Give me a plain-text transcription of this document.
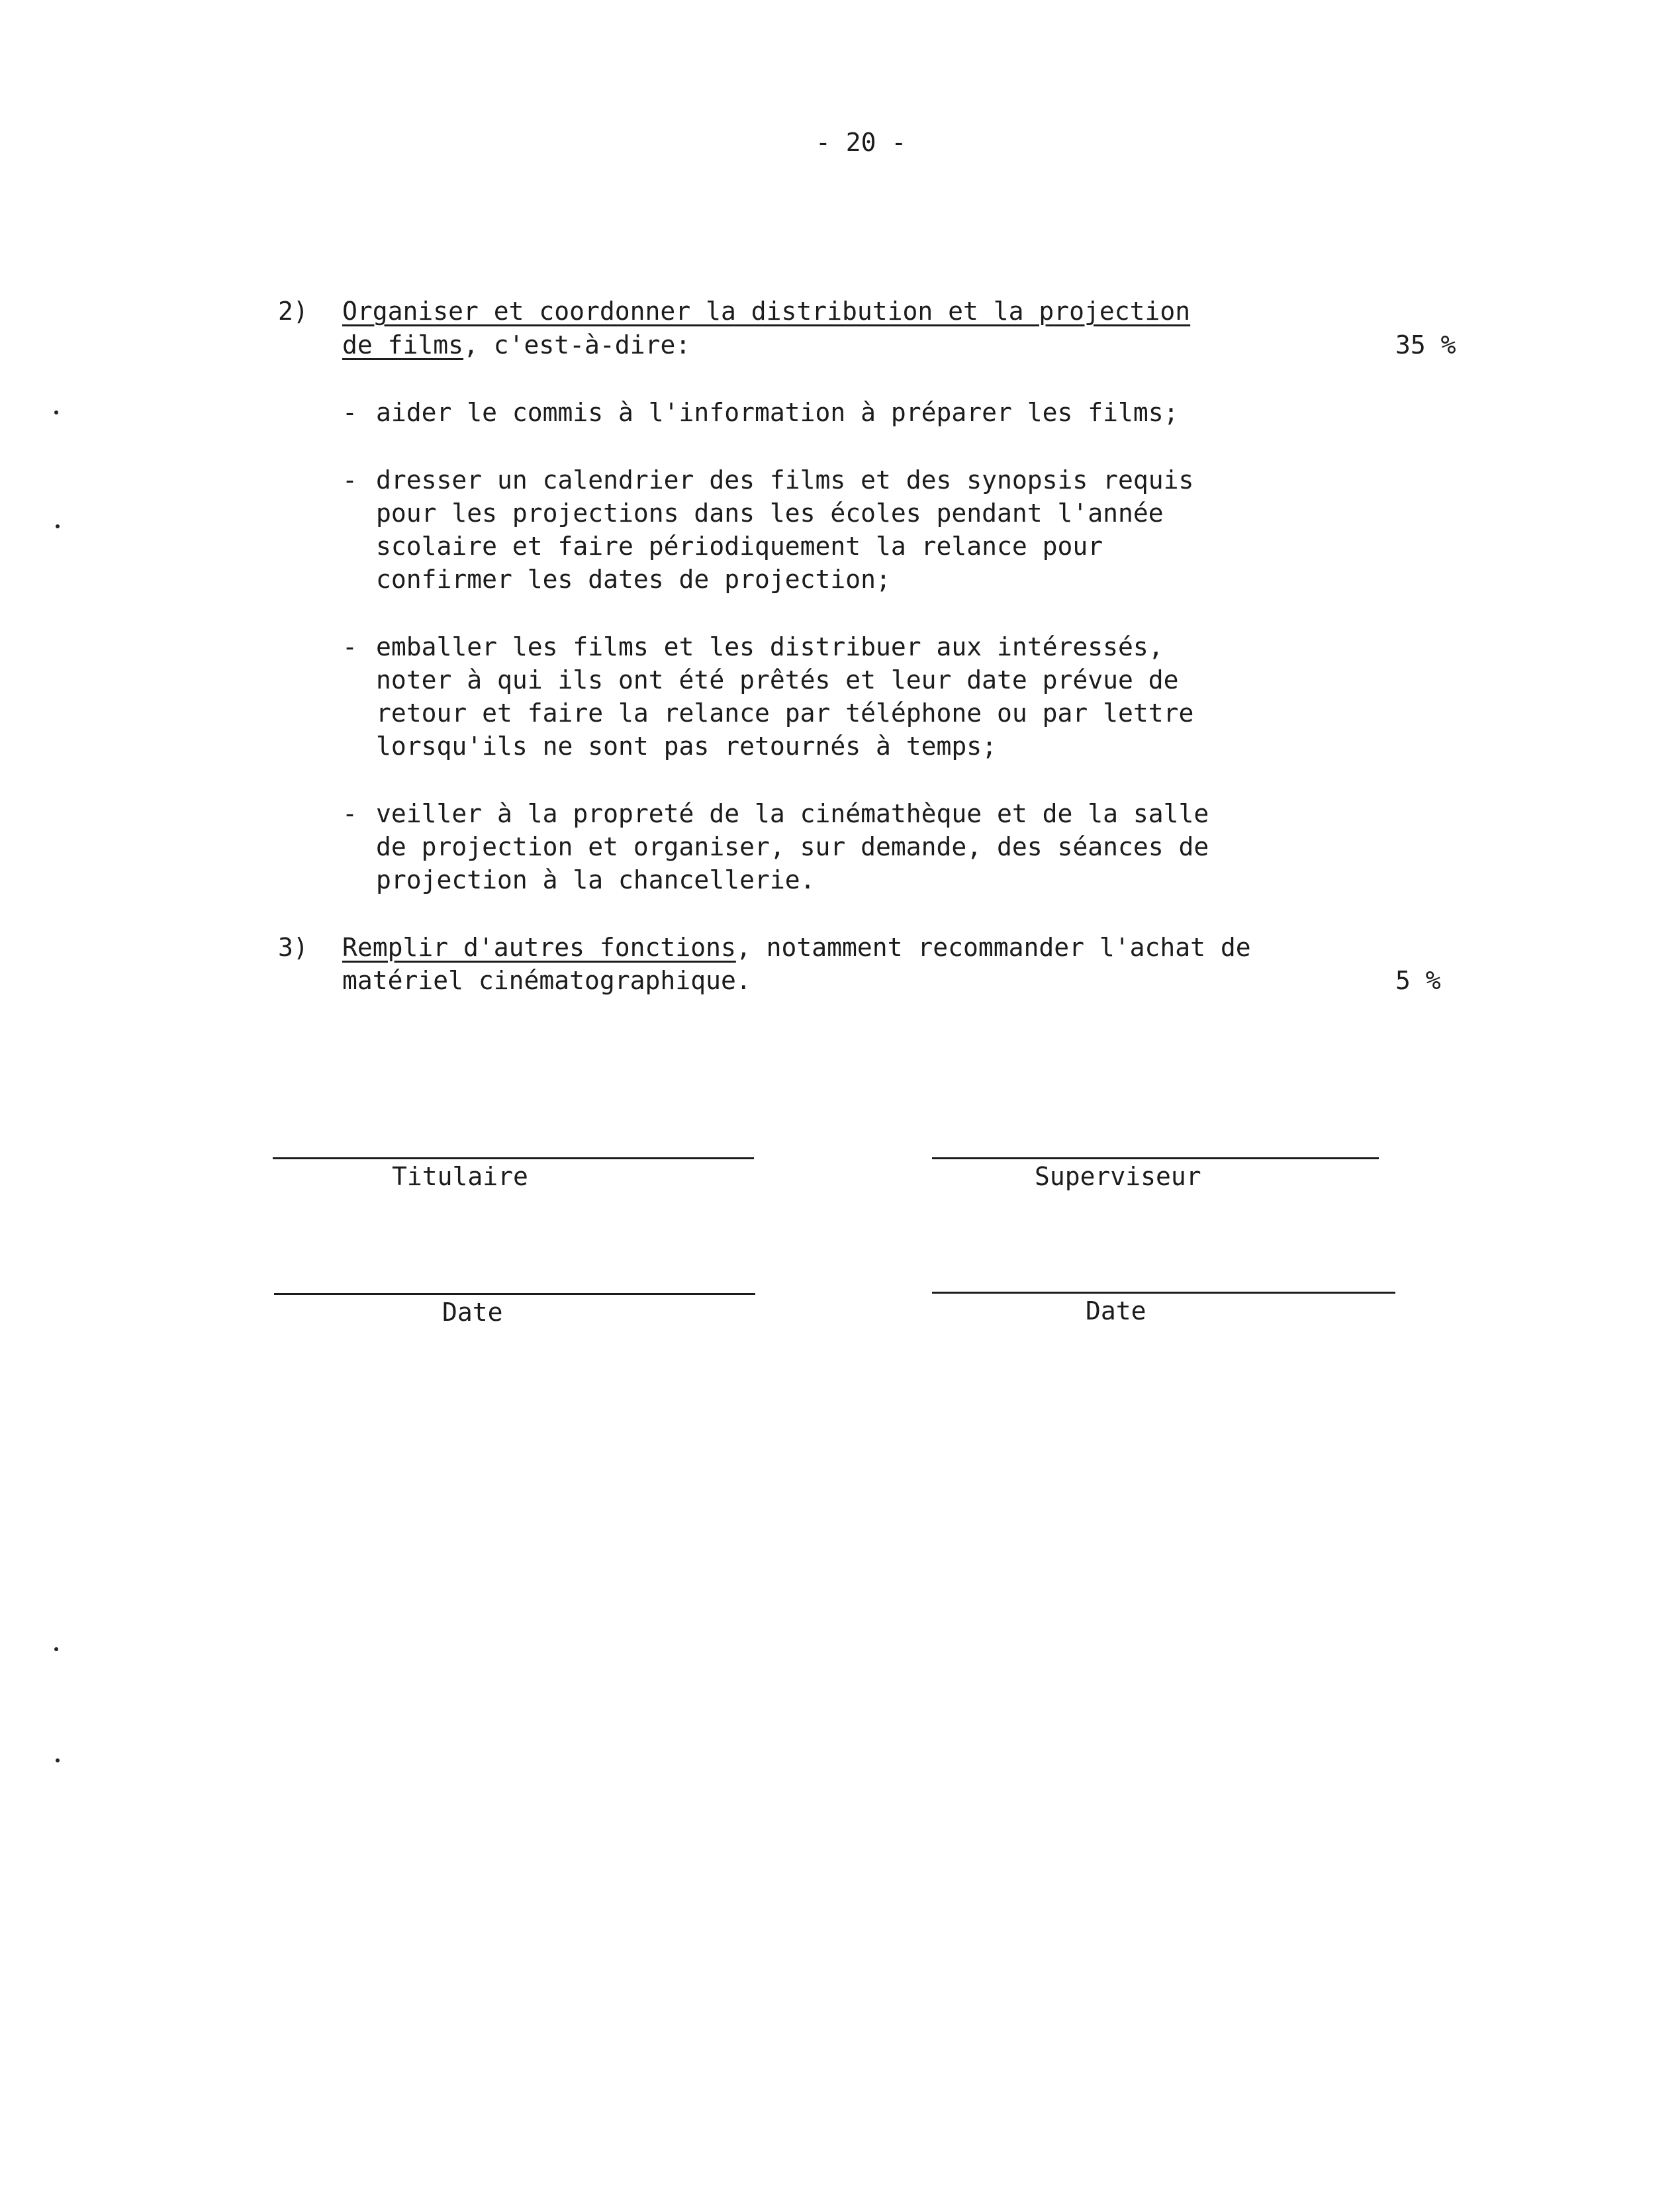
- 20 -
2) Organiser et coordonner la distribution et la projection
de films, c'est-à-dire:	35 %
- aider le commis à l'information à préparer les films;
- dresser un calendrier des films et des synopsis requis
pour les projections dans les écoles pendant l'année
scolaire et faire périodiquement la relance pour
confirmer les dates de projection;
- emballer les films et les distribuer aux intéressés,
noter à qui ils ont été prêtés et leur date prévue de
retour et faire la relance par téléphone ou par lettre
lorsqu'ils ne sont pas retournés à temps;
- veiller à la propreté de la cinémathèque et de la salle
de projection et organiser, sur demande, des séances de
projection à la chancellerie.
3) Remplir d'autres fonctions, notamment recommander l'achat de
matériel cinématographique.	5 %
Titulaire	Superviseur
Date	Date
